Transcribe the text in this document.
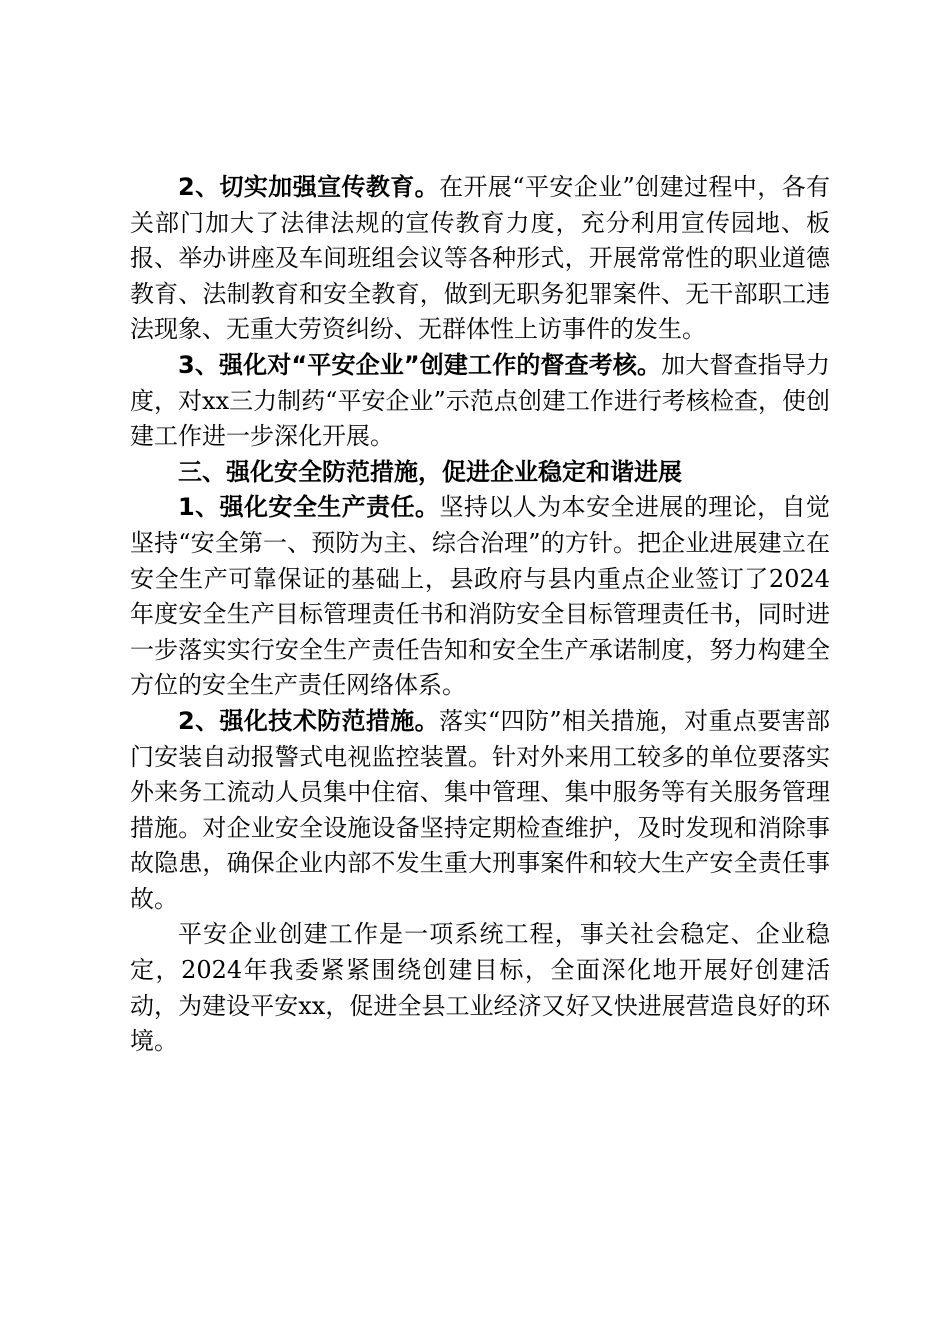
2、切实加强宣传教育。在开展“平安企业”创建过程中，各有关部门加大了法律法规的宣传教育力度，充分利用宣传园地、板报、举办讲座及车间班组会议等各种形式，开展常常性的职业道德教育、法制教育和安全教育，做到无职务犯罪案件、无干部职工违法现象、无重大劳资纠纷、无群体性上访事件的发生。

3、强化对“平安企业”创建工作的督查考核。加大督查指导力度，对xx三力制药“平安企业”示范点创建工作进行考核检查，使创建工作进一步深化开展。

三、强化安全防范措施，促进企业稳定和谐进展

1、强化安全生产责任。坚持以人为本安全进展的理论，自觉坚持“安全第一、预防为主、综合治理”的方针。把企业进展建立在安全生产可靠保证的基础上，县政府与县内重点企业签订了2024年度安全生产目标管理责任书和消防安全目标管理责任书，同时进一步落实实行安全生产责任告知和安全生产承诺制度，努力构建全方位的安全生产责任网络体系。

2、强化技术防范措施。落实“四防”相关措施，对重点要害部门安装自动报警式电视监控装置。针对外来用工较多的单位要落实外来务工流动人员集中住宿、集中管理、集中服务等有关服务管理措施。对企业安全设施设备坚持定期检查维护，及时发现和消除事故隐患，确保企业内部不发生重大刑事案件和较大生产安全责任事故。

平安企业创建工作是一项系统工程，事关社会稳定、企业稳定，2024年我委紧紧围绕创建目标，全面深化地开展好创建活动，为建设平安xx，促进全县工业经济又好又快进展营造良好的环境。
